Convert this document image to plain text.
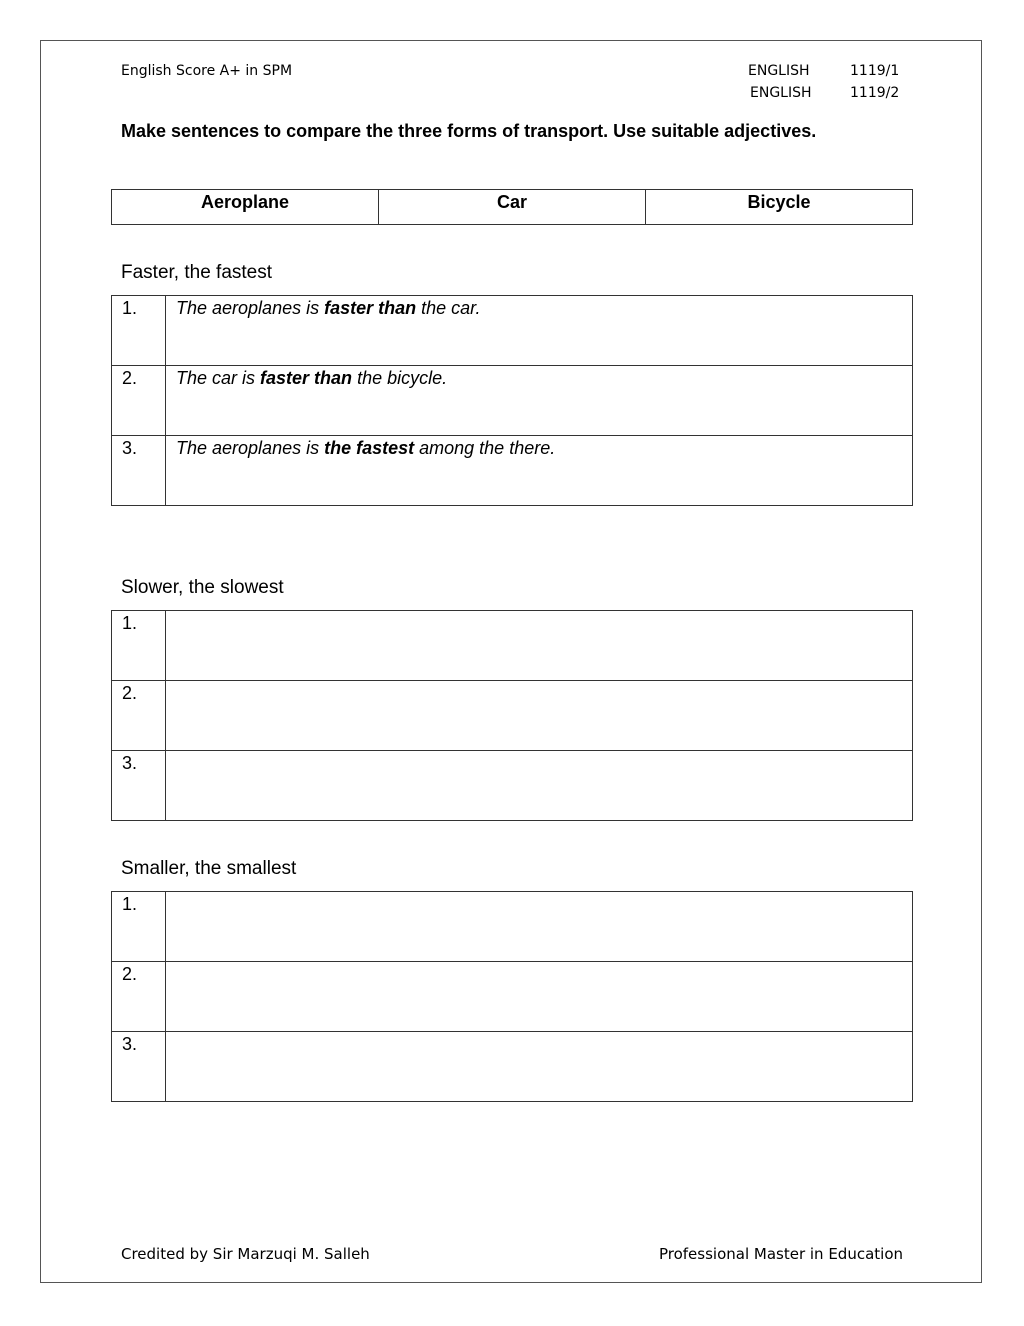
English Score A+ in SPM	ENGLISH	1119/1
ENGLISH	1119/2
Make sentences to compare the three forms of transport. Use suitable adjectives.
Aeroplane	Car	Bicycle
Faster, the fastest
1.	The aeroplanes is faster than the car.
2.	The car is faster than the bicycle.
3.	The aeroplanes is the fastest among the there.
Slower, the slowest
1.	
2.	
3.	
Smaller, the smallest
1.	
2.	
3.	
Credited by Sir Marzuqi M. Salleh	Professional Master in Education
